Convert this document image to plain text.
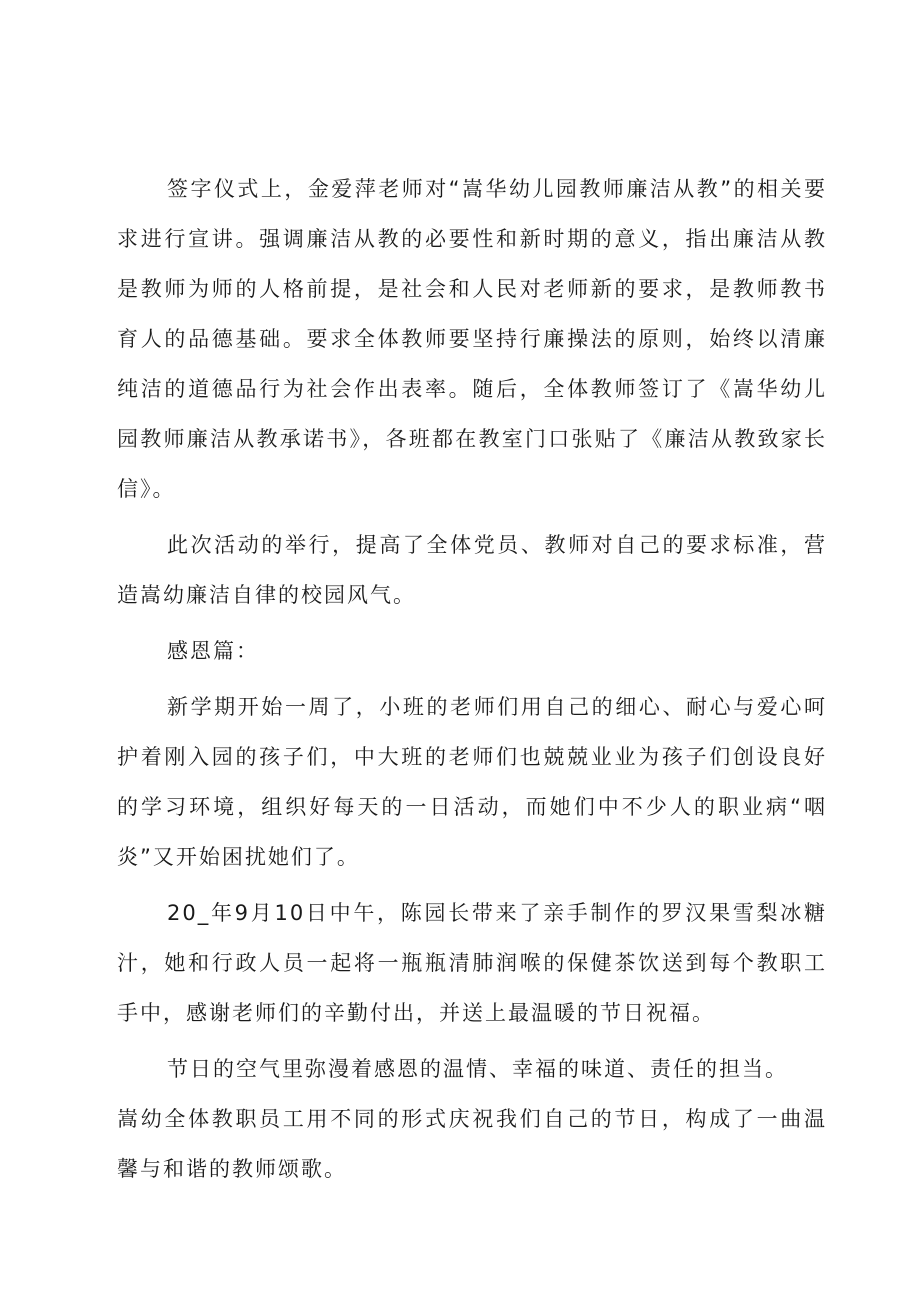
签字仪式上，金爱萍老师对“嵩华幼儿园教师廉洁从教”的相关要求进行宣讲。强调廉洁从教的必要性和新时期的意义，指出廉洁从教是教师为师的人格前提，是社会和人民对老师新的要求，是教师教书育人的品德基础。要求全体教师要坚持行廉操法的原则，始终以清廉纯洁的道德品行为社会作出表率。随后，全体教师签订了《嵩华幼儿园教师廉洁从教承诺书》，各班都在教室门口张贴了《廉洁从教致家长信》。

此次活动的举行，提高了全体党员、教师对自己的要求标准，营造嵩幼廉洁自律的校园风气。

感恩篇：

新学期开始一周了，小班的老师们用自己的细心、耐心与爱心呵护着刚入园的孩子们，中大班的老师们也兢兢业业为孩子们创设良好的学习环境，组织好每天的一日活动，而她们中不少人的职业病“咽炎”又开始困扰她们了。

20_年9月10日中午，陈园长带来了亲手制作的罗汉果雪梨冰糖汁，她和行政人员一起将一瓶瓶清肺润喉的保健茶饮送到每个教职工手中，感谢老师们的辛勤付出，并送上最温暖的节日祝福。

节日的空气里弥漫着感恩的温情、幸福的味道、责任的担当。

嵩幼全体教职员工用不同的形式庆祝我们自己的节日，构成了一曲温馨与和谐的教师颂歌。
